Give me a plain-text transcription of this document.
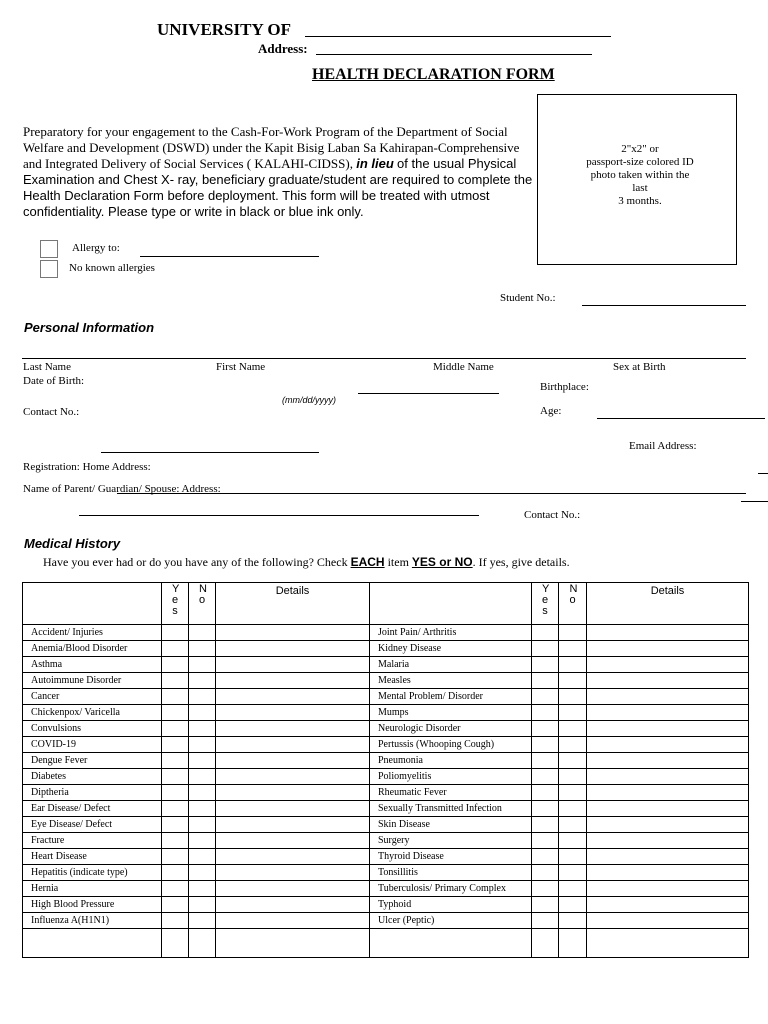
UNIVERSITY OF
Address:
HEALTH DECLARATION FORM
Preparatory for your engagement to the Cash-For-Work Program of the Department of Social Welfare and Development (DSWD) under the Kapit Bisig Laban Sa Kahirapan-Comprehensive and Integrated Delivery of Social Services ( KALAHI-CIDSS), in lieu of the usual Physical Examination and Chest X- ray, beneficiary graduate/student are required to complete the Health Declaration Form before deployment. This form will be treated with utmost confidentiality. Please type or write in black or blue ink only.
2"x2" or
passport-size colored ID
photo taken within the
last
3 months.
Allergy to:
No known allergies
Student No.:
Personal Information
Last Name	First Name	Middle Name	Sex at Birth
Date of Birth:
(mm/dd/yyyy)
Birthplace:
Contact No.:	Age:
Email Address:
Registration: Home Address:
Name of Parent/ Guardian/ Spouse: Address:
Contact No.:
Medical History
Have you ever had or do you have any of the following? Check EACH item YES or NO. If yes, give details.
	Y e s	N o	Details		Y e s	N o	Details
Accident/ Injuries				Joint Pain/ Arthritis			
Anemia/Blood Disorder				Kidney Disease			
Asthma				Malaria			
Autoimmune Disorder				Measles			
Cancer				Mental Problem/ Disorder			
Chickenpox/ Varicella				Mumps			
Convulsions				Neurologic Disorder			
COVID-19				Pertussis (Whooping Cough)			
Dengue Fever				Pneumonia			
Diabetes				Poliomyelitis			
Diptheria				Rheumatic Fever			
Ear Disease/ Defect				Sexually Transmitted Infection			
Eye Disease/ Defect				Skin Disease			
Fracture				Surgery			
Heart Disease				Thyroid Disease			
Hepatitis (indicate type)				Tonsillitis			
Hernia				Tuberculosis/ Primary Complex			
High Blood Pressure				Typhoid			
Influenza A(H1N1)				Ulcer (Peptic)			
